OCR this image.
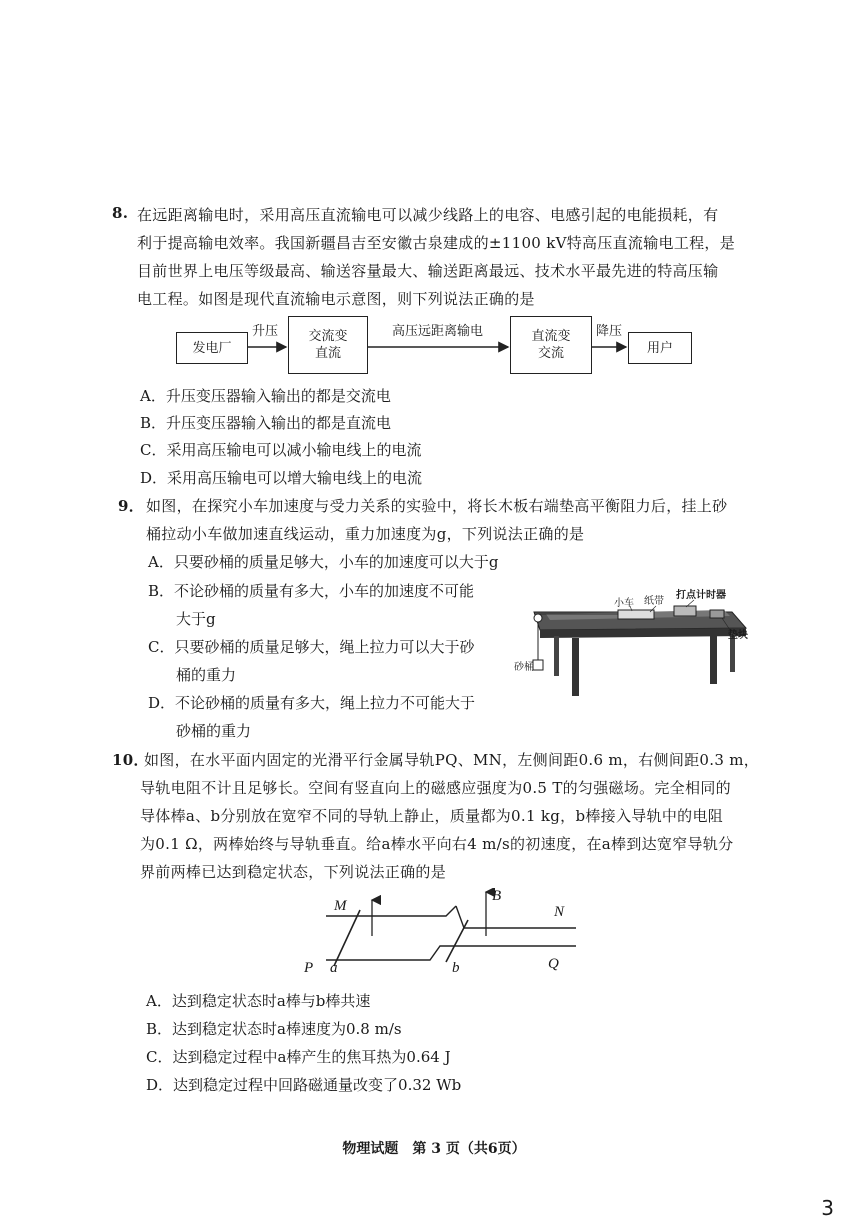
8. 在远距离输电时，采用高压直流输电可以减少线路上的电容、电感引起的电能损耗，有
利于提高输电效率。我国新疆昌吉至安徽古泉建成的±1100 kV特高压直流输电工程，是
目前世界上电压等级最高、输送容量最大、输送距离最远、技术水平最先进的特高压输
电工程。如图是现代直流输电示意图，则下列说法正确的是
发电厂
交流变
直流
直流变
交流	用户
升压	高压远距离输电	降压
A．升压变压器输入输出的都是交流电
B．升压变压器输入输出的都是直流电
C．采用高压输电可以减小输电线上的电流
D．采用高压输电可以增大输电线上的电流
9． 如图，在探究小车加速度与受力关系的实验中，将长木板右端垫高平衡阻力后，挂上砂
桶拉动小车做加速直线运动，重力加速度为g，下列说法正确的是
A．只要砂桶的质量足够大，小车的加速度可以大于g
B．不论砂桶的质量有多大，小车的加速度不可能
大于g
C．只要砂桶的质量足够大，绳上拉力可以大于砂
桶的重力
D．不论砂桶的质量有多大，绳上拉力不可能大于
砂桶的重力
小车 纸带
打点计时器
垫块
砂桶
10．
如图，在水平面内固定的光滑平行金属导轨PQ、MN，左侧间距0.6 m，右侧间距0.3 m，
导轨电阻不计且足够长。空间有竖直向上的磁感应强度为0.5 T的匀强磁场。完全相同的
导体棒a、b分别放在宽窄不同的导轨上静止，质量都为0.1 kg，b棒接入导轨中的电阻
为0.1 Ω，两棒始终与导轨垂直。给a棒水平向右4 m/s的初速度，在a棒到达宽窄导轨分
界前两棒已达到稳定状态，下列说法正确的是
M	N
P	Q
a	b
B
A．达到稳定状态时a棒与b棒共速
B．达到稳定状态时a棒速度为0.8 m/s
C．达到稳定过程中a棒产生的焦耳热为0.64 J
D．达到稳定过程中回路磁通量改变了0.32 Wb
物理试题　第 3 页（共6页）
3
